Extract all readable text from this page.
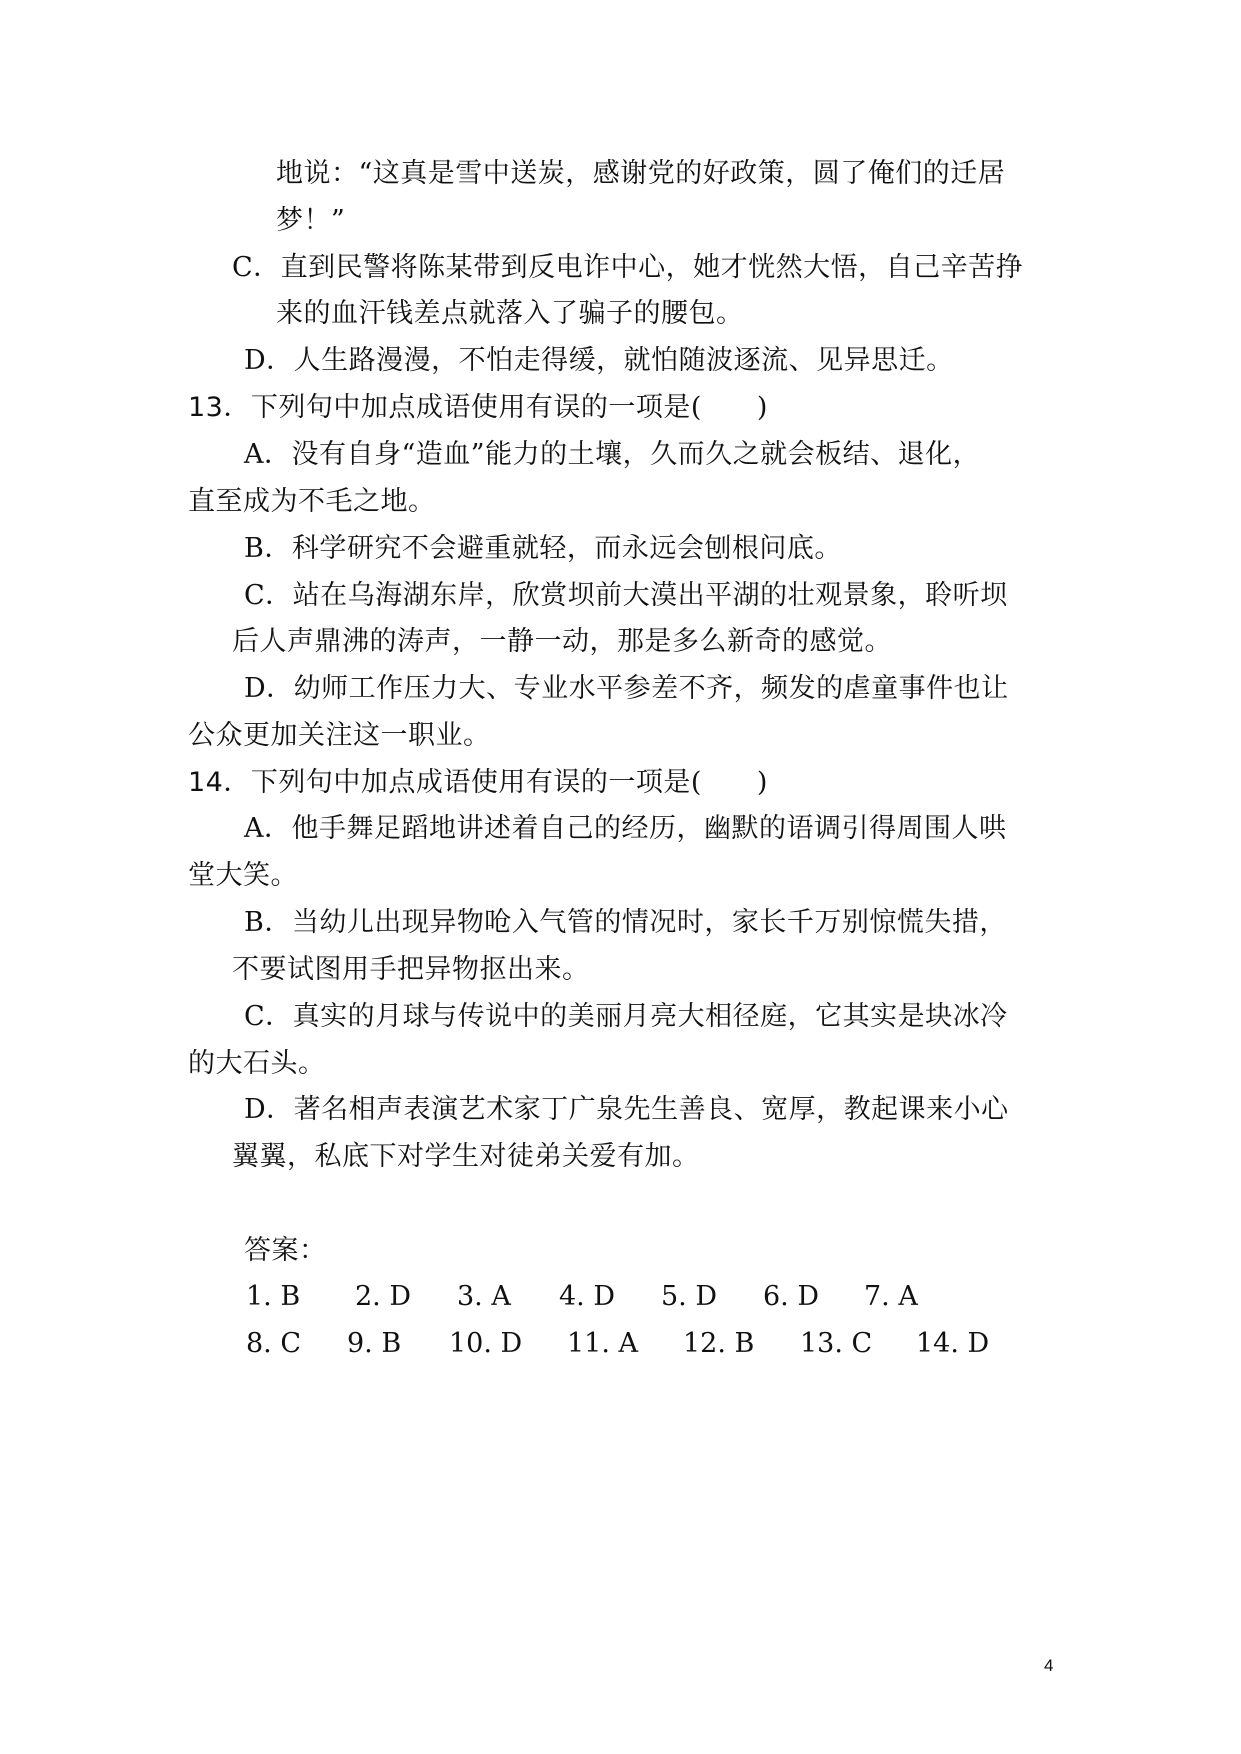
地说：“这真是雪中送炭，感谢党的好政策，圆了俺们的迁居
梦！”
C．直到民警将陈某带到反电诈中心，她才恍然大悟，自己辛苦挣
来的血汗钱差点就落入了骗子的腰包。
D．人生路漫漫，不怕走得缓，就怕随波逐流、见异思迁。
13．下列句中加点成语使用有误的一项是(　　)
A．没有自身“造血”能力的土壤，久而久之就会板结、退化，
直至成为不毛之地。
B．科学研究不会避重就轻，而永远会刨根问底。
C．站在乌海湖东岸，欣赏坝前大漠出平湖的壮观景象，聆听坝
后人声鼎沸的涛声，一静一动，那是多么新奇的感觉。
D．幼师工作压力大、专业水平参差不齐，频发的虐童事件也让
公众更加关注这一职业。
14．下列句中加点成语使用有误的一项是(　　)
A．他手舞足蹈地讲述着自己的经历，幽默的语调引得周围人哄
堂大笑。
B．当幼儿出现异物呛入气管的情况时，家长千万别惊慌失措，
不要试图用手把异物抠出来。
C．真实的月球与传说中的美丽月亮大相径庭，它其实是块冰冷
的大石头。
D．著名相声表演艺术家丁广泉先生善良、宽厚，教起课来小心
翼翼，私底下对学生对徒弟关爱有加。
答案：
1. B 2. D 3. A 4. D 5. D 6. D 7. A
8. C 9. B 10. D 11. A 12. B 13. C 14. D
4
